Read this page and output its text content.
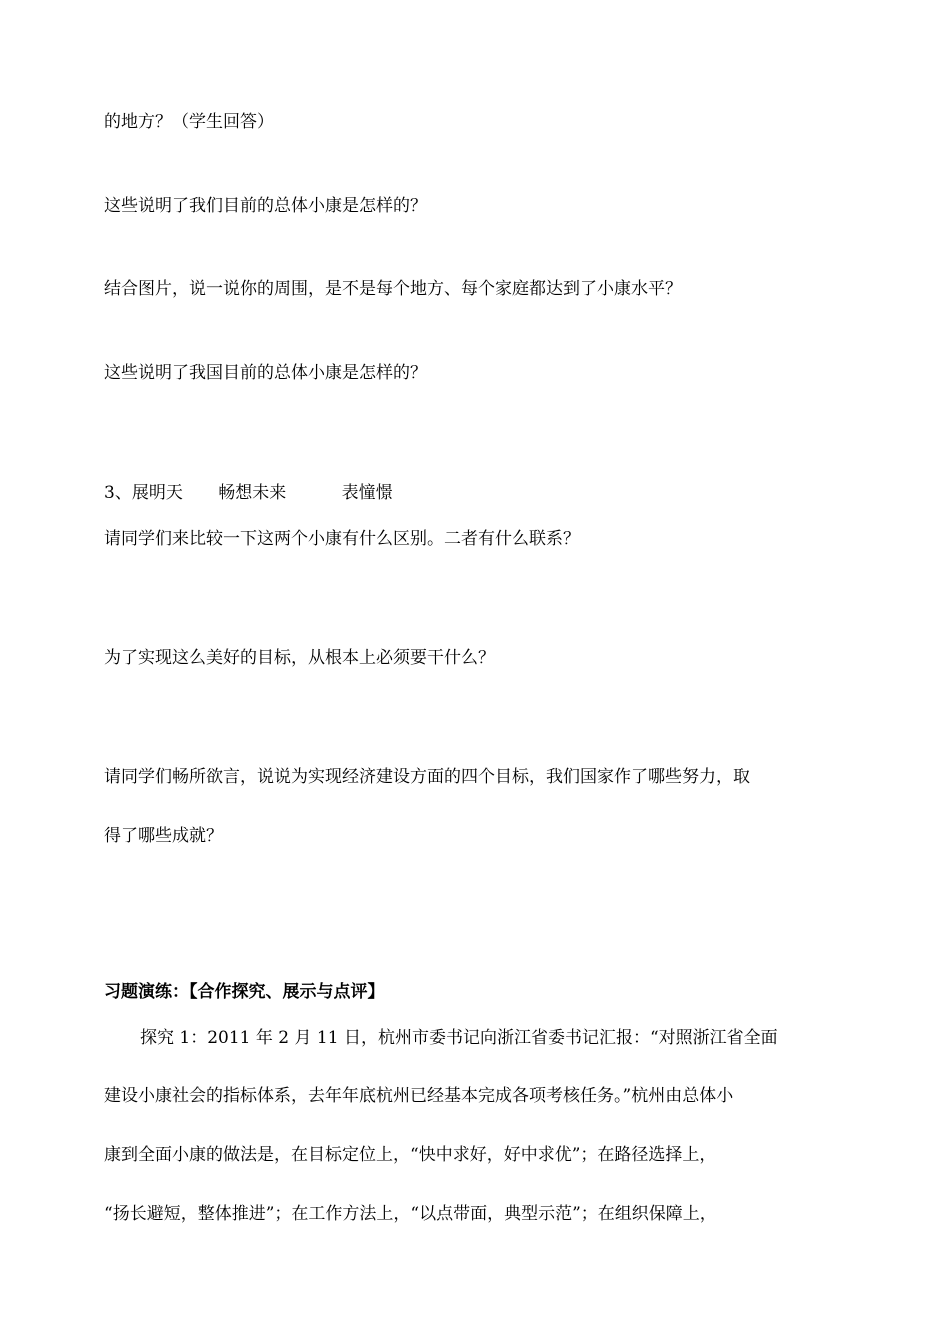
的地方？（学生回答）
这些说明了我们目前的总体小康是怎样的？
结合图片，说一说你的周围，是不是每个地方、每个家庭都达到了小康水平？
这些说明了我国目前的总体小康是怎样的？
3、展明天 畅想未来	表憧憬
请同学们来比较一下这两个小康有什么区别。二者有什么联系？
为了实现这么美好的目标，从根本上必须要干什么？
请同学们畅所欲言，说说为实现经济建设方面的四个目标，我们国家作了哪些努力，取
得了哪些成就？
习题演练：【合作探究、展示与点评】
探究 1：2011 年 2 月 11 日，杭州市委书记向浙江省委书记汇报：“对照浙江省全面
建设小康社会的指标体系，去年年底杭州已经基本完成各项考核任务。”杭州由总体小
康到全面小康的做法是，在目标定位上，“快中求好，好中求优”；在路径选择上，
“扬长避短，整体推进”；在工作方法上，“以点带面，典型示范”；在组织保障上，
